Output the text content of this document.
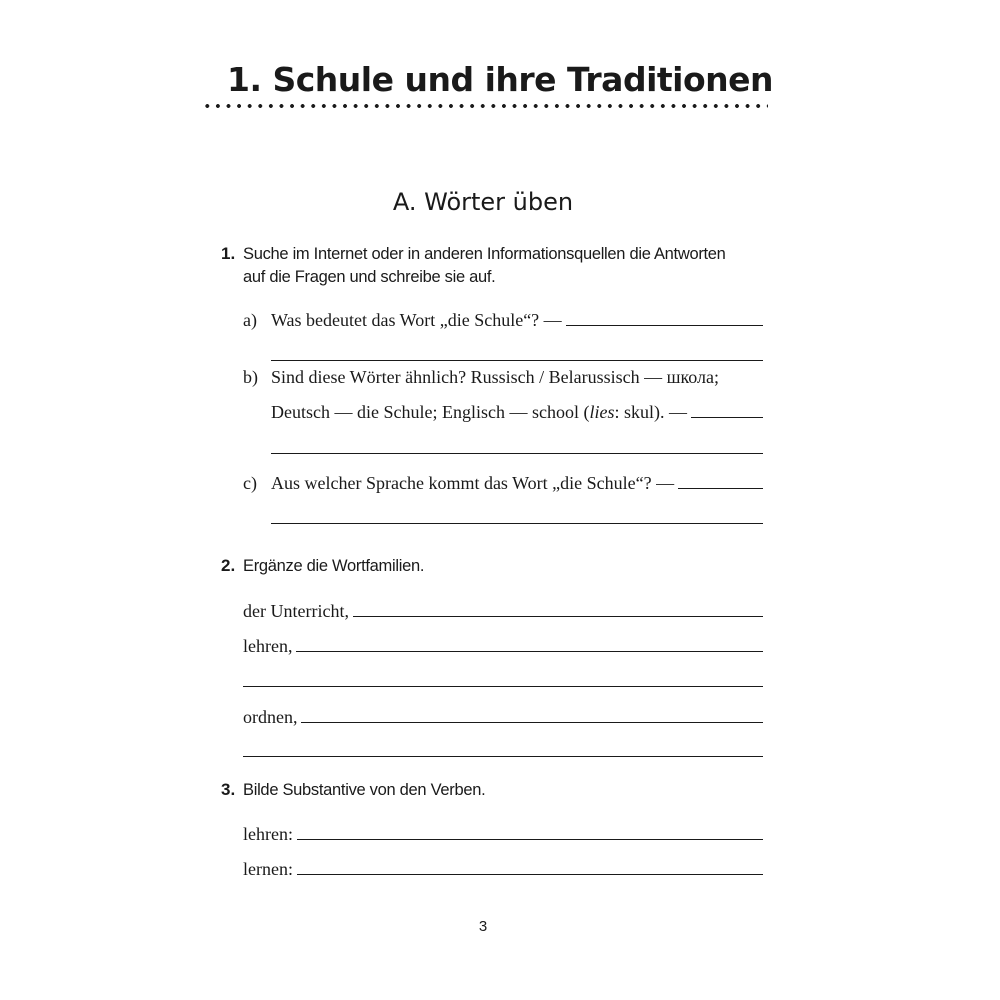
1. Schule und ihre Traditionen
A. Wörter üben
1. Suche im Internet oder in anderen Informationsquellen die Antworten
auf die Fragen und schreibe sie auf.
a) Was bedeutet das Wort „die Schule“? —
b) Sind diese Wörter ähnlich? Russisch / Belarussisch — школа;
Deutsch — die Schule; Englisch — school (lies: skul). —
c) Aus welcher Sprache kommt das Wort „die Schule“? —
2. Ergänze die Wortfamilien.
der Unterricht,
lehren,
ordnen,
3. Bilde Substantive von den Verben.
lehren:
lernen:
3
